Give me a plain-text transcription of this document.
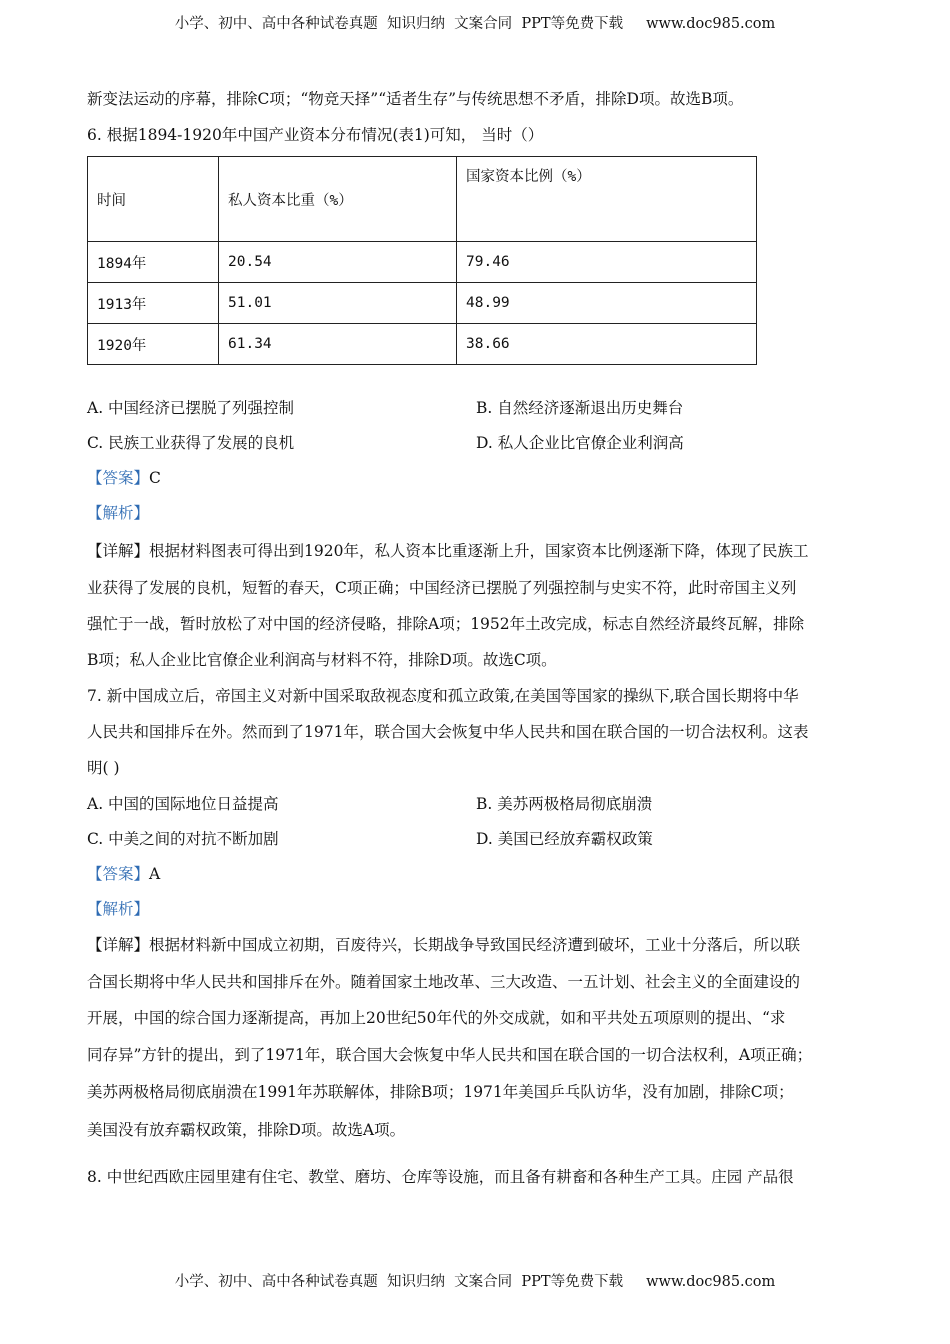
小学、初中、高中各种试卷真题  知识归纳  文案合同  PPT等免费下载     www.doc985.com
新变法运动的序幕，排除C项；“物竞天择”“适者生存”与传统思想不矛盾，排除D项。故选B项。
6. 根据1894-1920年中国产业资本分布情况(表1)可知， 当时（）
时间	私人资本比重（%）	国家资本比例（%）
1894年	20.54	79.46
1913年	51.01	48.99
1920年	61.34	38.66
A. 中国经济已摆脱了列强控制	B. 自然经济逐渐退出历史舞台
C. 民族工业获得了发展的良机	D. 私人企业比官僚企业利润高
【答案】C
【解析】
【详解】根据材料图表可得出到1920年，私人资本比重逐渐上升，国家资本比例逐渐下降，体现了民族工
业获得了发展的良机，短暂的春天，C项正确；中国经济已摆脱了列强控制与史实不符，此时帝国主义列
强忙于一战，暂时放松了对中国的经济侵略，排除A项；1952年土改完成，标志自然经济最终瓦解，排除
B项；私人企业比官僚企业利润高与材料不符，排除D项。故选C项。
7. 新中国成立后，帝国主义对新中国采取敌视态度和孤立政策,在美国等国家的操纵下,联合国长期将中华
人民共和国排斥在外。然而到了1971年，联合国大会恢复中华人民共和国在联合国的一切合法权利。这表
明( )
A. 中国的国际地位日益提高	B. 美苏两极格局彻底崩溃
C. 中美之间的对抗不断加剧	D. 美国已经放弃霸权政策
【答案】A
【解析】
【详解】根据材料新中国成立初期，百废待兴，长期战争导致国民经济遭到破坏，工业十分落后，所以联
合国长期将中华人民共和国排斥在外。随着国家土地改革、三大改造、一五计划、社会主义的全面建设的
开展，中国的综合国力逐渐提高，再加上20世纪50年代的外交成就，如和平共处五项原则的提出、“求
同存异”方针的提出，到了1971年，联合国大会恢复中华人民共和国在联合国的一切合法权利，A项正确；
美苏两极格局彻底崩溃在1991年苏联解体，排除B项；1971年美国乒乓队访华，没有加剧，排除C项；
美国没有放弃霸权政策，排除D项。故选A项。
8. 中世纪西欧庄园里建有住宅、教堂、磨坊、仓库等设施，而且备有耕畜和各种生产工具。庄园 产品很
小学、初中、高中各种试卷真题  知识归纳  文案合同  PPT等免费下载     www.doc985.com
